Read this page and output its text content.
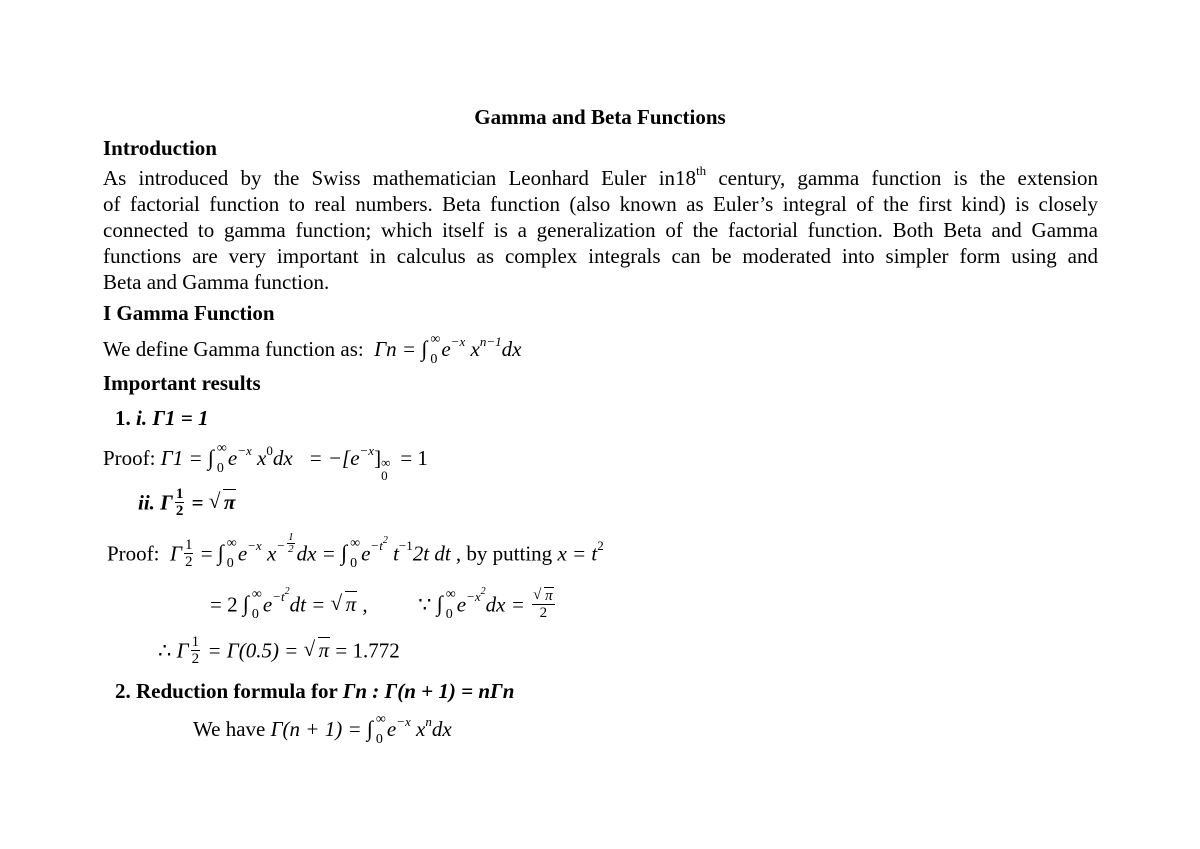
Gamma and Beta Functions
Introduction
As introduced by the Swiss mathematician Leonhard Euler in18th century, gamma function is the extension
of factorial function to real numbers. Beta function (also known as Euler’s integral of the first kind) is closely
connected to gamma function; which itself is a generalization of the factorial function. Both Beta and Gamma
functions are very important in calculus as complex integrals can be moderated into simpler form using and
Beta and Gamma function.
I Gamma Function
We define Gamma function as: Γn = ∫ ∞
0 $e^{-x}$ $x^{n-1}dx$
Important results
1. i. Γ1 = 1
Proof: Γ1 = ∫ ∞
0 $e^{-x}$ $x^0dx = -[e^{-x}]$ ∞
0
= 1
ii. Γ $\frac{1}{2}$ = √ π
Proof: Γ $\frac{1}{2}$ = ∫ ∞
0 $e^{-x}$ $x^{- \frac{1}{2}}$ dx = ∫ ∞
0 $e^{-t^2}$ $t^{-1}2t$ dt , by putting $x = t^2$
= 2 ∫ ∞
0 $e^{-t^2}dt$ = √ π , ∵ ∫ ∞
0 $e^{-x^2}dx$ = √ $\frac{\pi}{2}$
∴ Γ $\frac{1}{2} = \Gamma(0.5)$ = √ π = 1.772
2. Reduction formula for Γn : Γ(n + 1) = nΓn
We have Γ(n + 1) = ∫ ∞
0 $e^{-x}$ $x^ndx$
